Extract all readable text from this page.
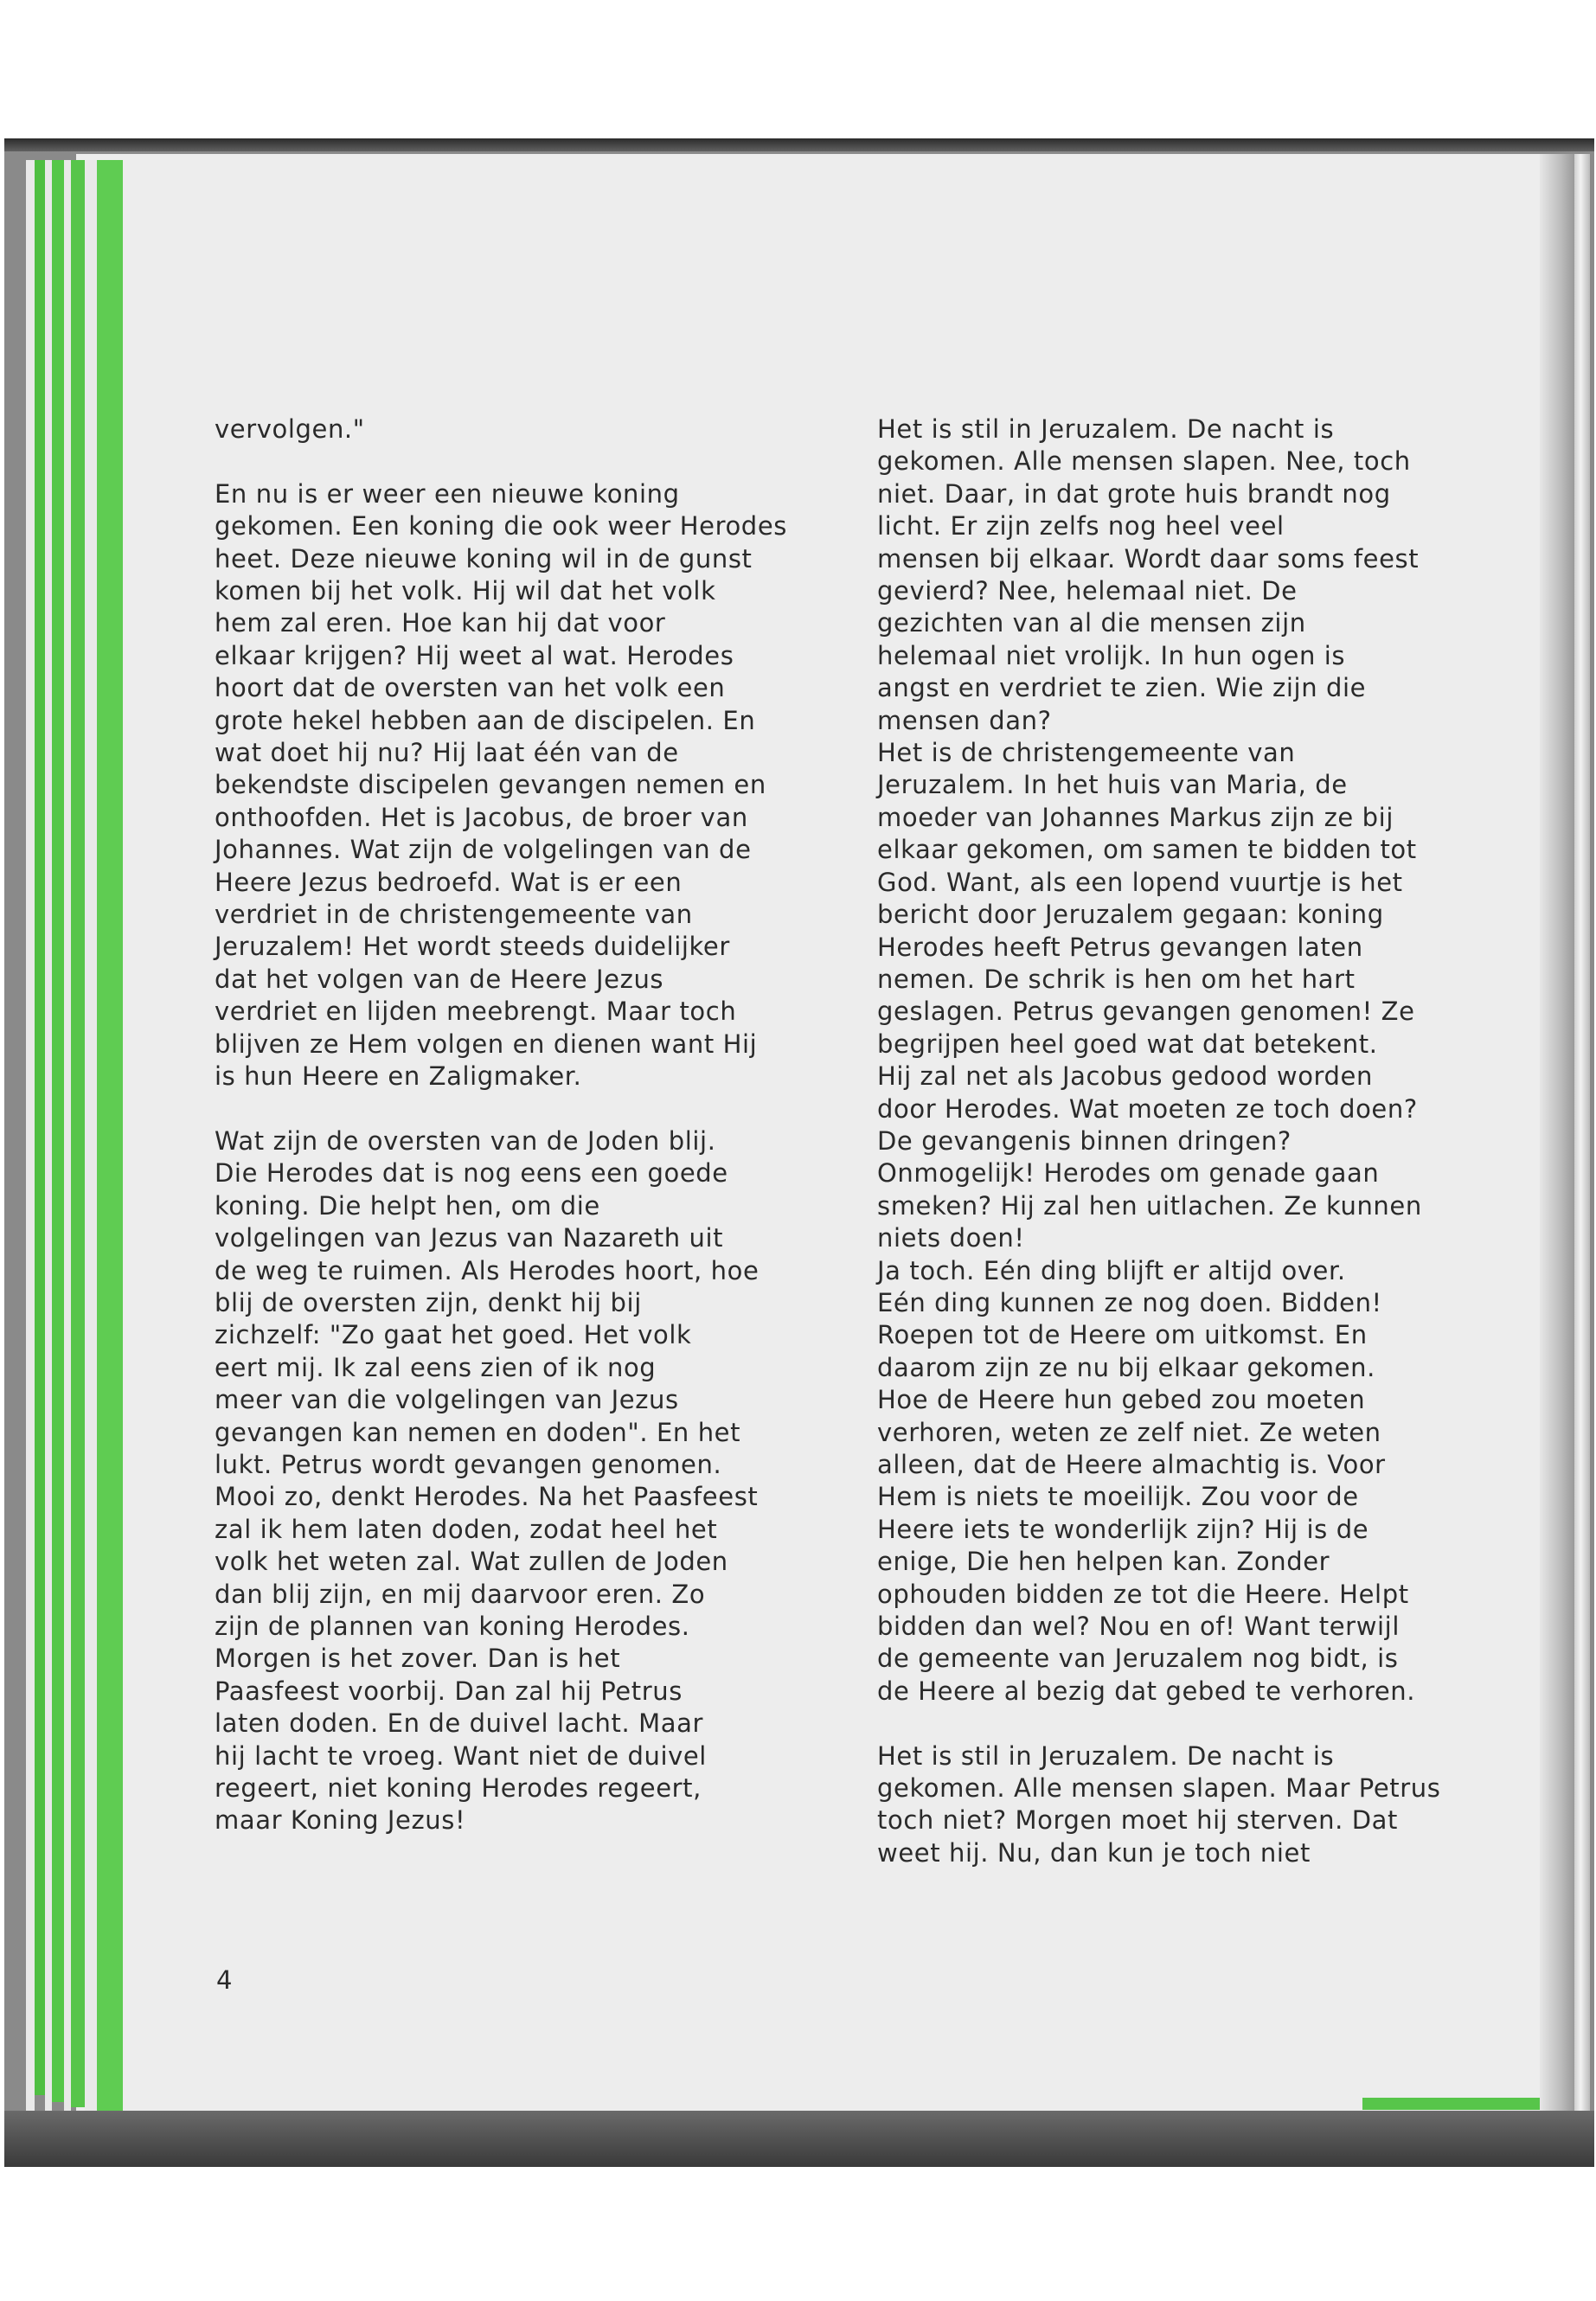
vervolgen."
En nu is er weer een nieuwe koning
gekomen. Een koning die ook weer Herodes
heet. Deze nieuwe koning wil in de gunst
komen bij het volk. Hij wil dat het volk
hem zal eren. Hoe kan hij dat voor
elkaar krijgen? Hij weet al wat. Herodes
hoort dat de oversten van het volk een
grote hekel hebben aan de discipelen. En
wat doet hij nu? Hij laat één van de
bekendste discipelen gevangen nemen en
onthoofden. Het is Jacobus, de broer van
Johannes. Wat zijn de volgelingen van de
Heere Jezus bedroefd. Wat is er een
verdriet in de christengemeente van
Jeruzalem! Het wordt steeds duidelijker
dat het volgen van de Heere Jezus
verdriet en lijden meebrengt. Maar toch
blijven ze Hem volgen en dienen want Hij
is hun Heere en Zaligmaker.
Wat zijn de oversten van de Joden blij.
Die Herodes dat is nog eens een goede
koning. Die helpt hen, om die
volgelingen van Jezus van Nazareth uit
de weg te ruimen. Als Herodes hoort, hoe
blij de oversten zijn, denkt hij bij
zichzelf: "Zo gaat het goed. Het volk
eert mij. Ik zal eens zien of ik nog
meer van die volgelingen van Jezus
gevangen kan nemen en doden". En het
lukt. Petrus wordt gevangen genomen.
Mooi zo, denkt Herodes. Na het Paasfeest
zal ik hem laten doden, zodat heel het
volk het weten zal. Wat zullen de Joden
dan blij zijn, en mij daarvoor eren. Zo
zijn de plannen van koning Herodes.
Morgen is het zover. Dan is het
Paasfeest voorbij. Dan zal hij Petrus
laten doden. En de duivel lacht. Maar
hij lacht te vroeg. Want niet de duivel
regeert, niet koning Herodes regeert,
maar Koning Jezus!
Het is stil in Jeruzalem. De nacht is
gekomen. Alle mensen slapen. Nee, toch
niet. Daar, in dat grote huis brandt nog
licht. Er zijn zelfs nog heel veel
mensen bij elkaar. Wordt daar soms feest
gevierd? Nee, helemaal niet. De
gezichten van al die mensen zijn
helemaal niet vrolijk. In hun ogen is
angst en verdriet te zien. Wie zijn die
mensen dan?
Het is de christengemeente van
Jeruzalem. In het huis van Maria, de
moeder van Johannes Markus zijn ze bij
elkaar gekomen, om samen te bidden tot
God. Want, als een lopend vuurtje is het
bericht door Jeruzalem gegaan: koning
Herodes heeft Petrus gevangen laten
nemen. De schrik is hen om het hart
geslagen. Petrus gevangen genomen! Ze
begrijpen heel goed wat dat betekent.
Hij zal net als Jacobus gedood worden
door Herodes. Wat moeten ze toch doen?
De gevangenis binnen dringen?
Onmogelijk! Herodes om genade gaan
smeken? Hij zal hen uitlachen. Ze kunnen
niets doen!
Ja toch. Eén ding blijft er altijd over.
Eén ding kunnen ze nog doen. Bidden!
Roepen tot de Heere om uitkomst. En
daarom zijn ze nu bij elkaar gekomen.
Hoe de Heere hun gebed zou moeten
verhoren, weten ze zelf niet. Ze weten
alleen, dat de Heere almachtig is. Voor
Hem is niets te moeilijk. Zou voor de
Heere iets te wonderlijk zijn? Hij is de
enige, Die hen helpen kan. Zonder
ophouden bidden ze tot die Heere. Helpt
bidden dan wel? Nou en of! Want terwijl
de gemeente van Jeruzalem nog bidt, is
de Heere al bezig dat gebed te verhoren.
Het is stil in Jeruzalem. De nacht is
gekomen. Alle mensen slapen. Maar Petrus
toch niet? Morgen moet hij sterven. Dat
weet hij. Nu, dan kun je toch niet
4
